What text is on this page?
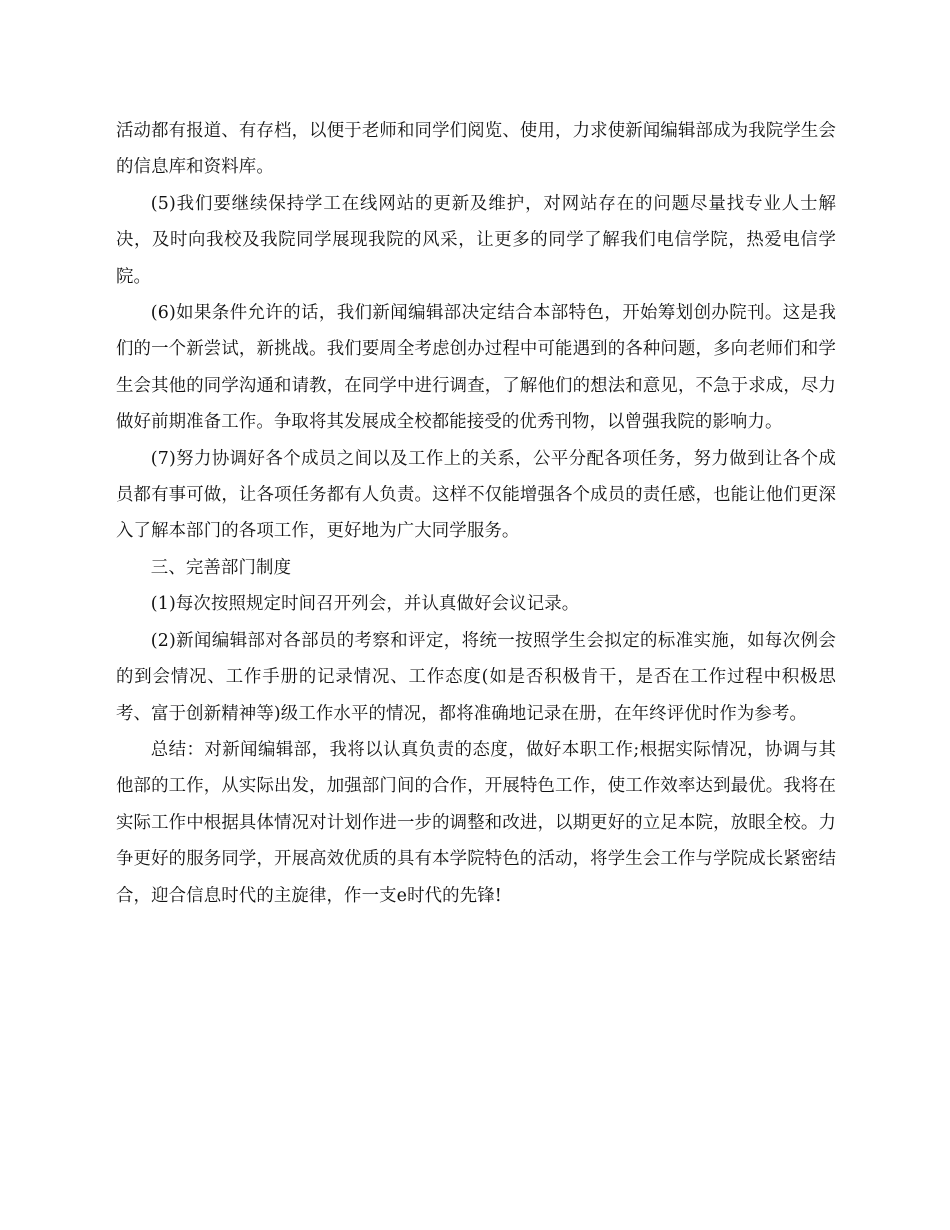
活动都有报道、有存档，以便于老师和同学们阅览、使用，力求使新闻编辑部成为我院学生会的信息库和资料库。

(5)我们要继续保持学工在线网站的更新及维护，对网站存在的问题尽量找专业人士解决，及时向我校及我院同学展现我院的风采，让更多的同学了解我们电信学院，热爱电信学院。

(6)如果条件允许的话，我们新闻编辑部决定结合本部特色，开始筹划创办院刊。这是我们的一个新尝试，新挑战。我们要周全考虑创办过程中可能遇到的各种问题，多向老师们和学生会其他的同学沟通和请教，在同学中进行调查，了解他们的想法和意见，不急于求成，尽力做好前期准备工作。争取将其发展成全校都能接受的优秀刊物，以曾强我院的影响力。

(7)努力协调好各个成员之间以及工作上的关系，公平分配各项任务，努力做到让各个成员都有事可做，让各项任务都有人负责。这样不仅能增强各个成员的责任感，也能让他们更深入了解本部门的各项工作，更好地为广大同学服务。

三、完善部门制度

(1)每次按照规定时间召开列会，并认真做好会议记录。

(2)新闻编辑部对各部员的考察和评定，将统一按照学生会拟定的标准实施，如每次例会的到会情况、工作手册的记录情况、工作态度(如是否积极肯干，是否在工作过程中积极思考、富于创新精神等)级工作水平的情况，都将准确地记录在册，在年终评优时作为参考。

总结：对新闻编辑部，我将以认真负责的态度，做好本职工作;根据实际情况，协调与其他部的工作，从实际出发，加强部门间的合作，开展特色工作，使工作效率达到最优。我将在实际工作中根据具体情况对计划作进一步的调整和改进，以期更好的立足本院，放眼全校。力争更好的服务同学，开展高效优质的具有本学院特色的活动，将学生会工作与学院成长紧密结合，迎合信息时代的主旋律，作一支e时代的先锋!
